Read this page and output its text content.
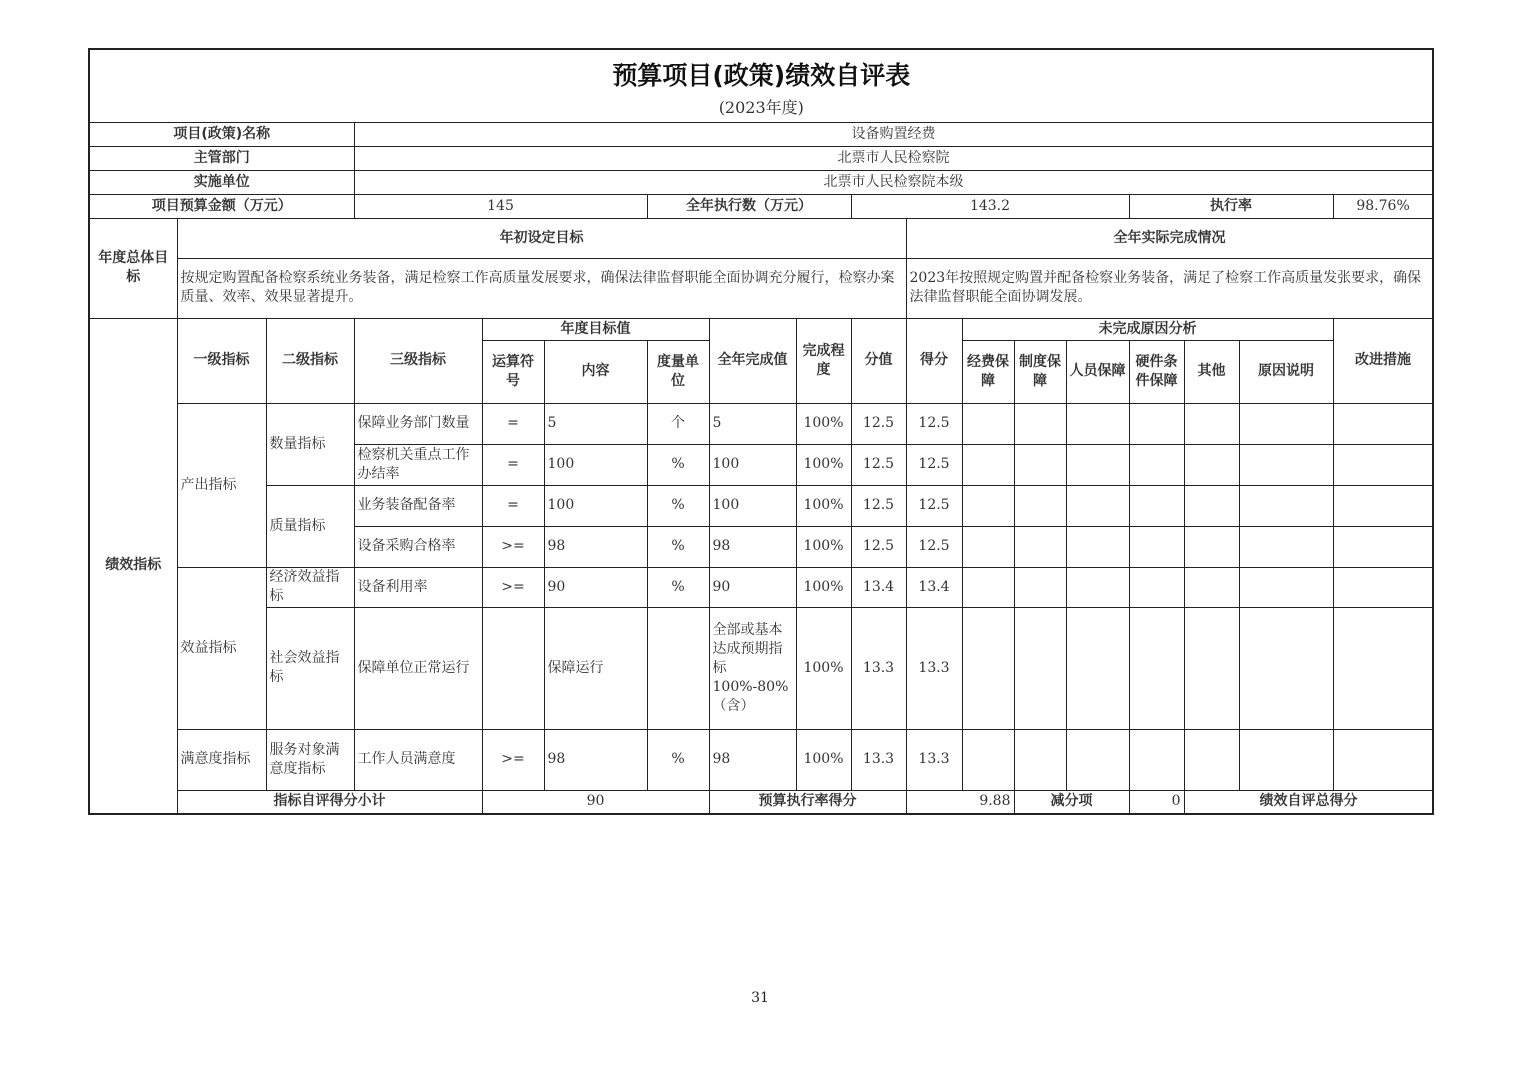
预算项目(政策)绩效自评表
(2023年度)																		

项目(政策)名称			设备购置经费															
主管部门			北票市人民检察院															
实施单位			北票市人民检察院本级															
项目预算金额（万元）			145			全年执行数（万元）			143.2					执行率			98.76%	
年度总体目标	年初设定目标									全年实际完成情况								
	按规定购置配备检察系统业务装备，满足检察工作高质量发展要求，确保法律监督职能全面协调充分履行，检察办案质量、效率、效果显著提升。									2023年按照规定购置并配备检察业务装备，满足了检察工作高质量发张要求，确保法律监督职能全面协调发展。								
绩效指标	一级指标	二级指标	三级指标	年度目标值			全年完成值	完成程度	分值	得分	未完成原因分析						改进措施	
				运算符号	内容	度量单位					经费保障	制度保障	人员保障	硬件条件保障	其他	原因说明		
	产出指标	数量指标	保障业务部门数量	=	5	个	5	100%	12.5	12.5								
			检察机关重点工作办结率	=	100	%	100	100%	12.5	12.5								
		质量指标	业务装备配备率	=	100	%	100	100%	12.5	12.5								
			设备采购合格率	>=	98	%	98	100%	12.5	12.5								
	效益指标	经济效益指标	设备利用率	>=	90	%	90	100%	13.4	13.4								
		社会效益指标	保障单位正常运行		保障运行		全部或基本达成预期指标100%-80%（含）	100%	13.3	13.3								
	满意度指标	服务对象满意度指标	工作人员满意度	>=	98	%	98	100%	13.3	13.3								
	指标自评得分小计			90			预算执行率得分			9.88		减分项		0	绩效自评总得分	
31
